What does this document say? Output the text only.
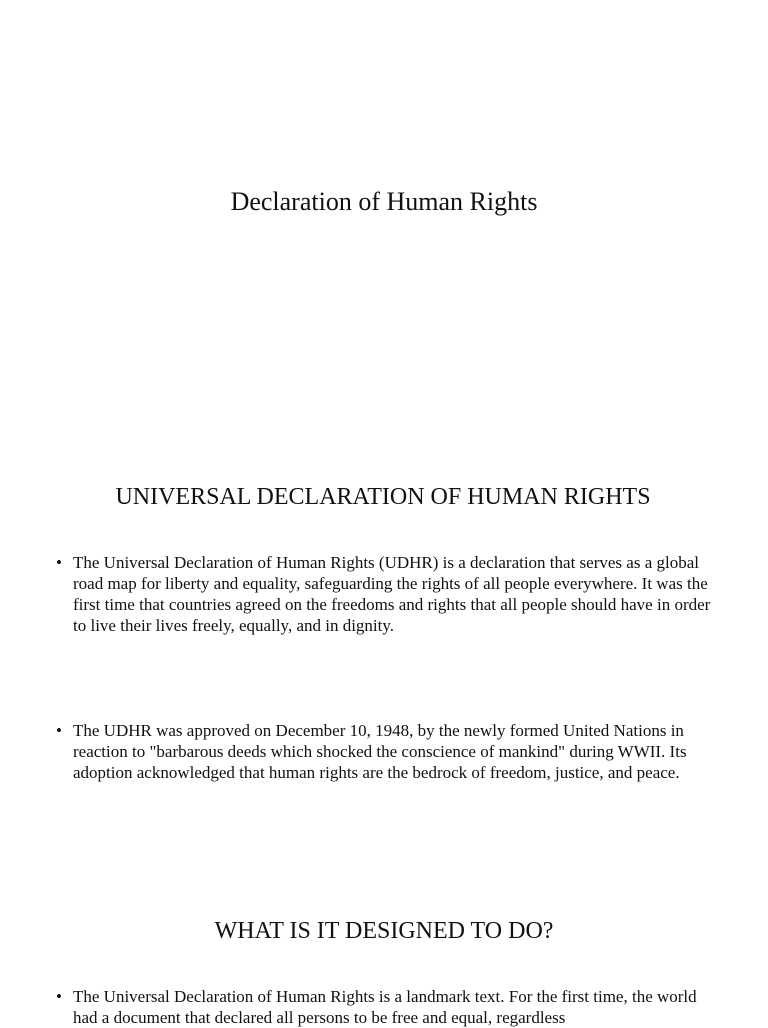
Declaration of Human Rights
UNIVERSAL DECLARATION OF HUMAN RIGHTS
• The Universal Declaration of Human Rights (UDHR) is a declaration that serves as a global road map for liberty and equality, safeguarding the rights of all people everywhere. It was the first time that countries agreed on the freedoms and rights that all people should have in order to live their lives freely, equally, and in dignity.
• The UDHR was approved on December 10, 1948, by the newly formed United Nations in reaction to "barbarous deeds which shocked the conscience of mankind" during WWII. Its adoption acknowledged that human rights are the bedrock of freedom, justice, and peace.
WHAT IS IT DESIGNED TO DO?
• The Universal Declaration of Human Rights is a landmark text. For the first time, the world had a document that declared all persons to be free and equal, regardless
